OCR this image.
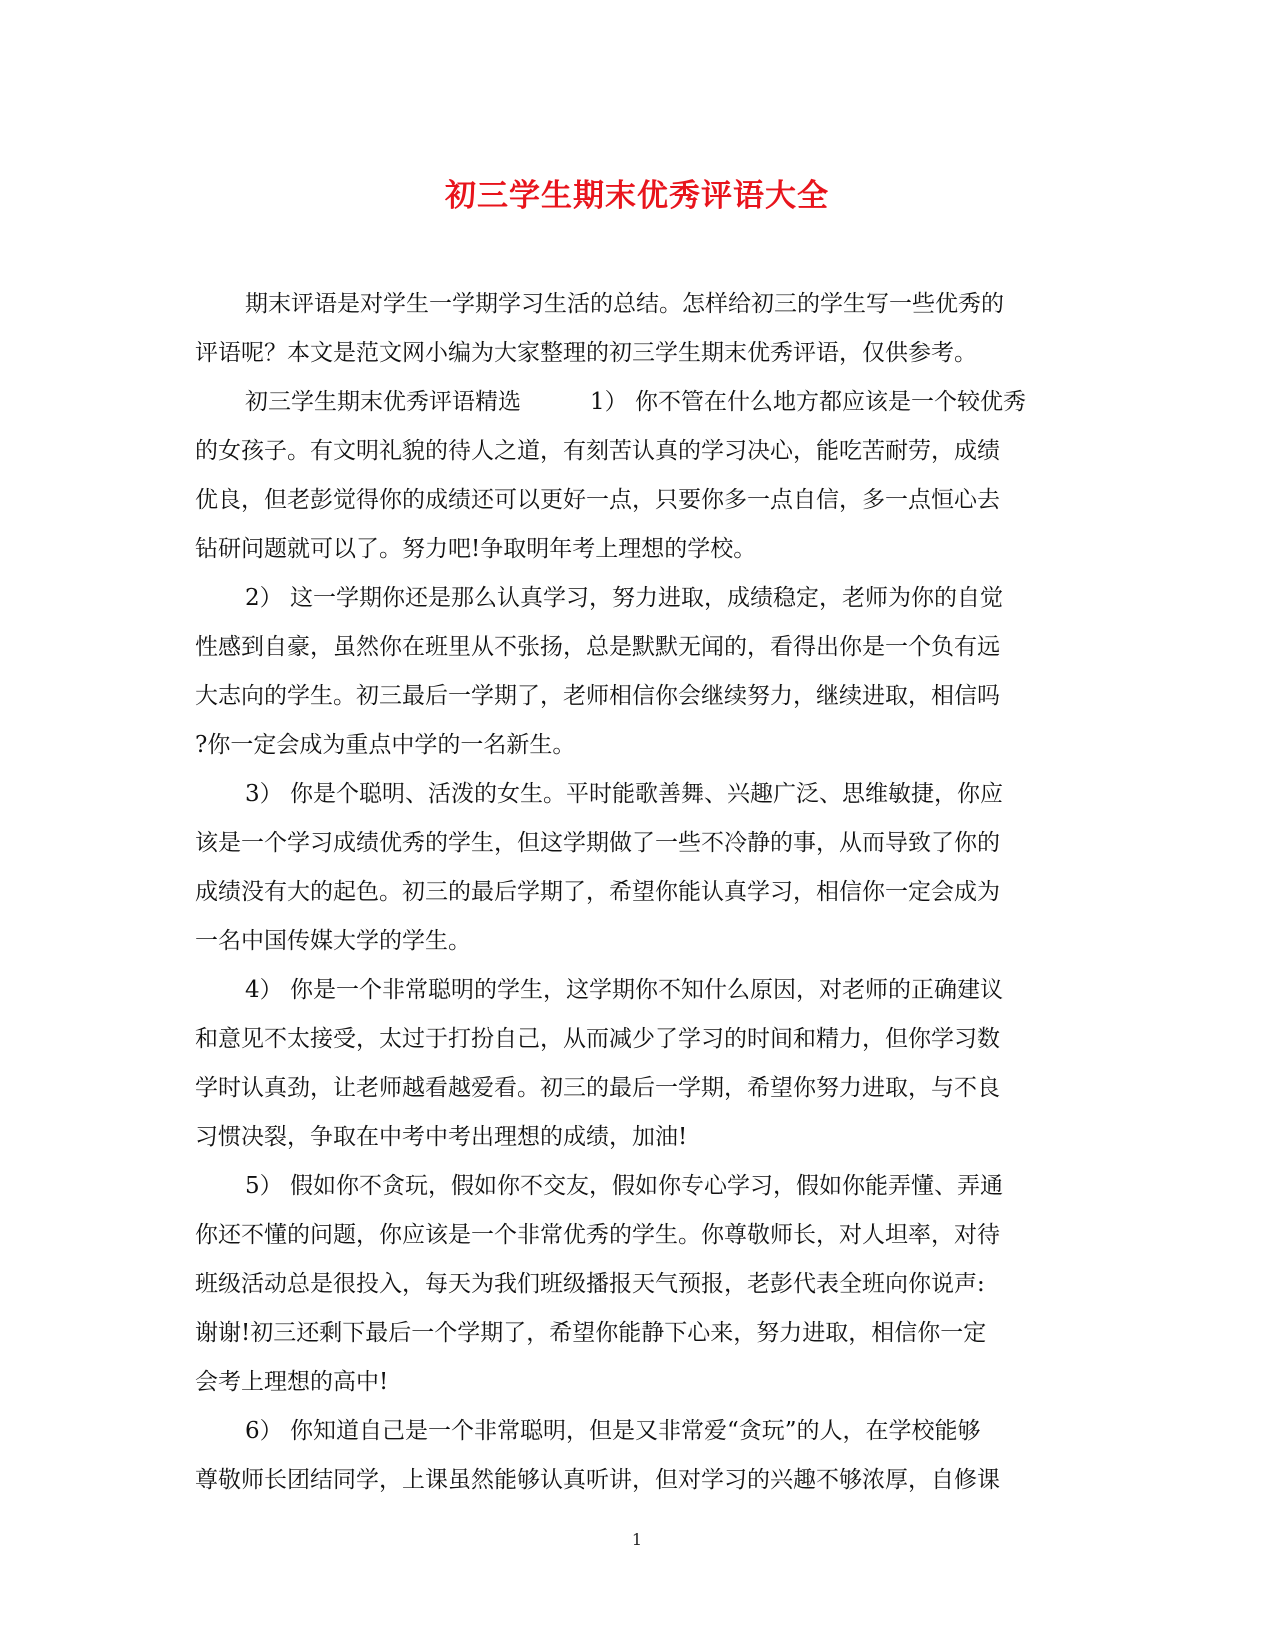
初三学生期末优秀评语大全
期末评语是对学生一学期学习生活的总结。怎样给初三的学生写一些优秀的
评语呢？本文是范文网小编为大家整理的初三学生期末优秀评语，仅供参考。
初三学生期末优秀评语精选　　　1） 你不管在什么地方都应该是一个较优秀
的女孩子。有文明礼貌的待人之道，有刻苦认真的学习决心，能吃苦耐劳，成绩
优良，但老彭觉得你的成绩还可以更好一点，只要你多一点自信，多一点恒心去
钻研问题就可以了。努力吧!争取明年考上理想的学校。
2） 这一学期你还是那么认真学习，努力进取，成绩稳定，老师为你的自觉
性感到自豪，虽然你在班里从不张扬，总是默默无闻的，看得出你是一个负有远
大志向的学生。初三最后一学期了，老师相信你会继续努力，继续进取，相信吗
?你一定会成为重点中学的一名新生。
3） 你是个聪明、活泼的女生。平时能歌善舞、兴趣广泛、思维敏捷，你应
该是一个学习成绩优秀的学生，但这学期做了一些不冷静的事，从而导致了你的
成绩没有大的起色。初三的最后学期了，希望你能认真学习，相信你一定会成为
一名中国传媒大学的学生。
4） 你是一个非常聪明的学生，这学期你不知什么原因，对老师的正确建议
和意见不太接受，太过于打扮自己，从而减少了学习的时间和精力，但你学习数
学时认真劲，让老师越看越爱看。初三的最后一学期，希望你努力进取，与不良
习惯决裂，争取在中考中考出理想的成绩，加油!
5） 假如你不贪玩，假如你不交友，假如你专心学习，假如你能弄懂、弄通
你还不懂的问题，你应该是一个非常优秀的学生。你尊敬师长，对人坦率，对待
班级活动总是很投入，每天为我们班级播报天气预报，老彭代表全班向你说声:
谢谢!初三还剩下最后一个学期了，希望你能静下心来，努力进取，相信你一定
会考上理想的高中!
6） 你知道自己是一个非常聪明，但是又非常爱“贪玩”的人，在学校能够
尊敬师长团结同学，上课虽然能够认真听讲，但对学习的兴趣不够浓厚，自修课
1
